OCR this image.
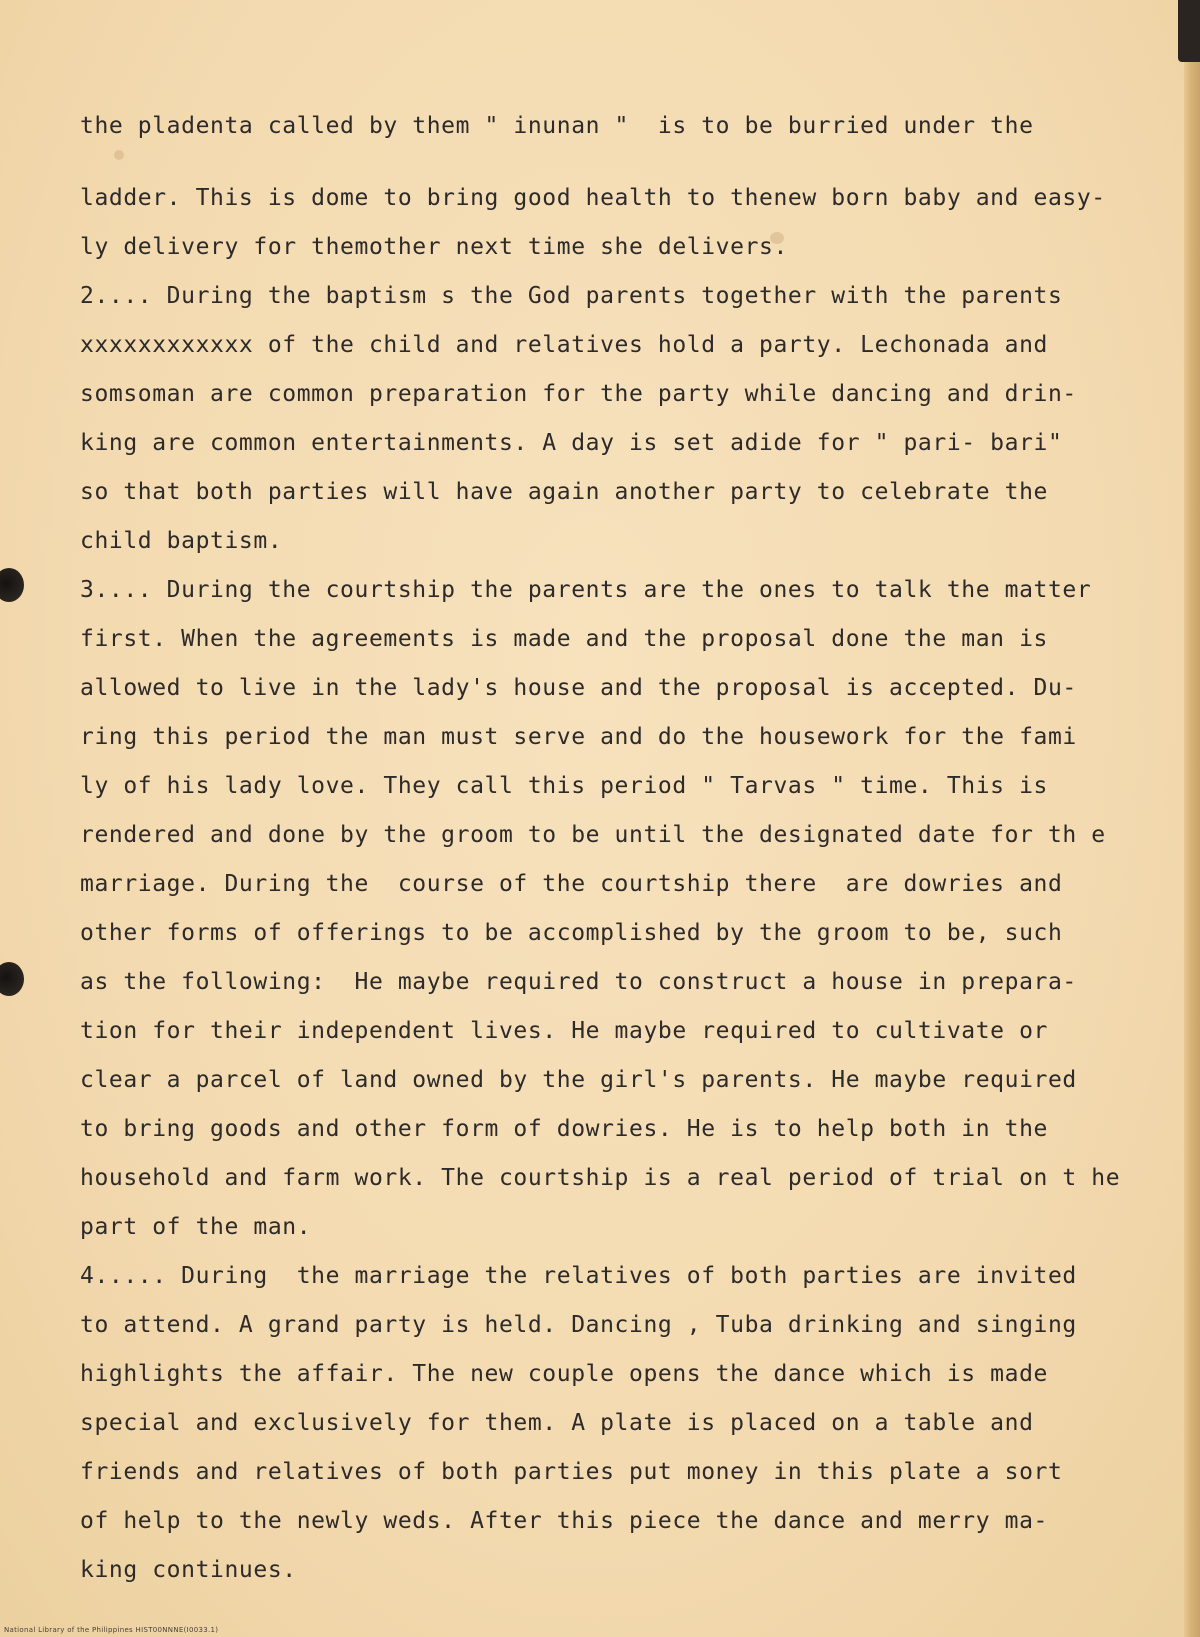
the pladenta called by them " inunan "  is to be burried under the

ladder. This is dome to bring good health to thenew born baby and easy-

ly delivery for themother next time she delivers.

2.... During the baptism s the God parents together with the parents

xxxxxxxxxxxx of the child and relatives hold a party. Lechonada and

somsoman are common preparation for the party while dancing and drin-

king are common entertainments. A day is set adide for " pari- bari"

so that both parties will have again another party to celebrate the

child baptism.

3.... During the courtship the parents are the ones to talk the matter

first. When the agreements is made and the proposal done the man is

allowed to live in the lady's house and the proposal is accepted. Du-

ring this period the man must serve and do the housework for the fami

ly of his lady love. They call this period " Tarvas " time. This is

rendered and done by the groom to be until the designated date for th e

marriage. During the  course of the courtship there  are dowries and

other forms of offerings to be accomplished by the groom to be, such

as the following:  He maybe required to construct a house in prepara-

tion for their independent lives. He maybe required to cultivate or

clear a parcel of land owned by the girl's parents. He maybe required

to bring goods and other form of dowries. He is to help both in the

household and farm work. The courtship is a real period of trial on t he

part of the man.

4..... During  the marriage the relatives of both parties are invited

to attend. A grand party is held. Dancing , Tuba drinking and singing

highlights the affair. The new couple opens the dance which is made

special and exclusively for them. A plate is placed on a table and

friends and relatives of both parties put money in this plate a sort

of help to the newly weds. After this piece the dance and merry ma-

king continues.

National Library of the Philippines HIST00NNNE(I0033.1)
